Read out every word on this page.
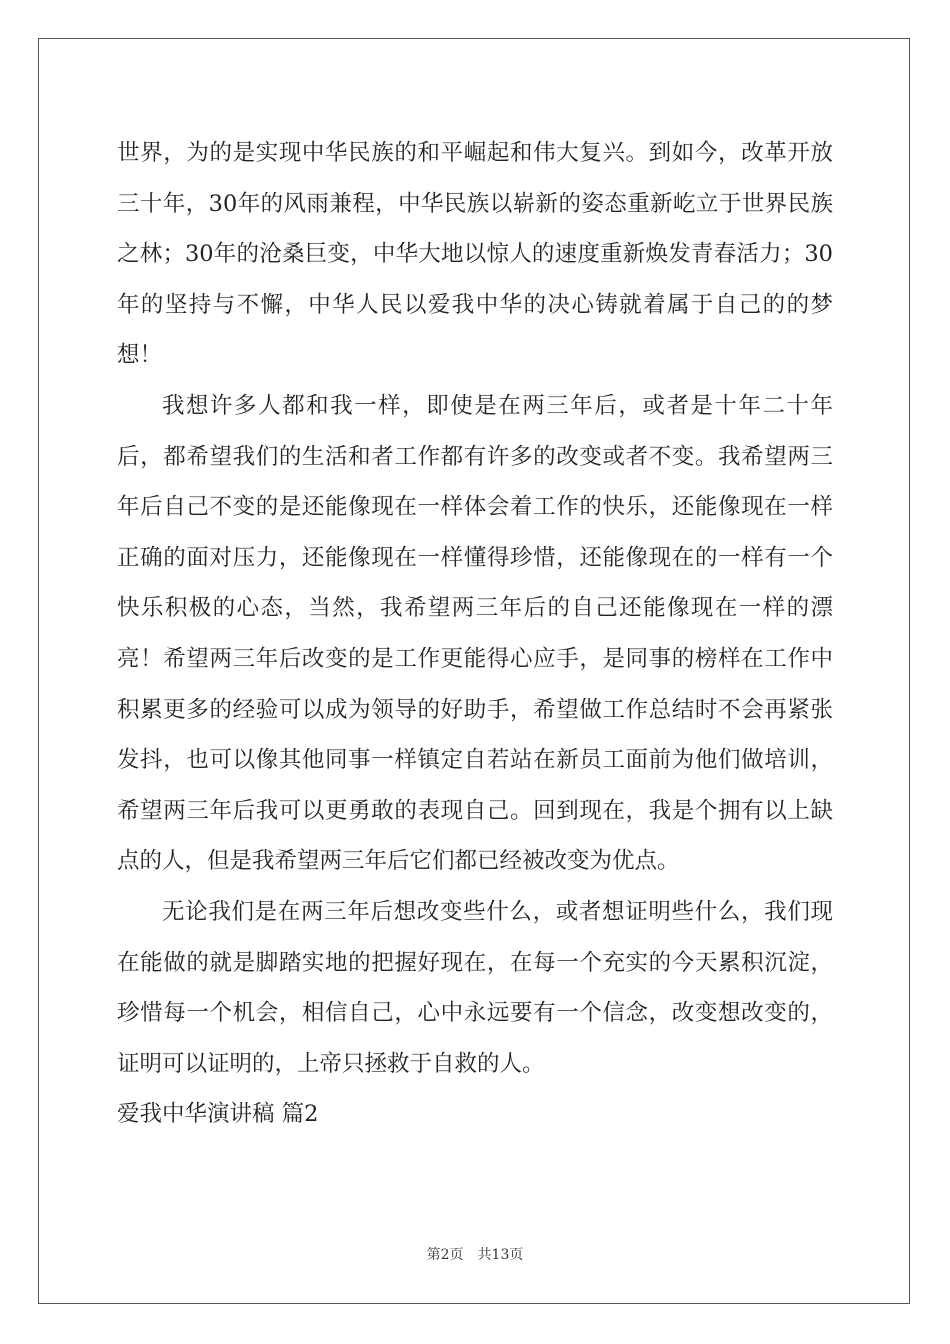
世界，为的是实现中华民族的和平崛起和伟大复兴。到如今，改革开放三十年，30年的风雨兼程，中华民族以崭新的姿态重新屹立于世界民族之林；30年的沧桑巨变，中华大地以惊人的速度重新焕发青春活力；30年的坚持与不懈，中华人民以爱我中华的决心铸就着属于自己的的梦想！

我想许多人都和我一样，即使是在两三年后，或者是十年二十年后，都希望我们的生活和者工作都有许多的改变或者不变。我希望两三年后自己不变的是还能像现在一样体会着工作的快乐，还能像现在一样正确的面对压力，还能像现在一样懂得珍惜，还能像现在的一样有一个快乐积极的心态，当然，我希望两三年后的自己还能像现在一样的漂亮！希望两三年后改变的是工作更能得心应手，是同事的榜样在工作中积累更多的经验可以成为领导的好助手，希望做工作总结时不会再紧张发抖，也可以像其他同事一样镇定自若站在新员工面前为他们做培训，希望两三年后我可以更勇敢的表现自己。回到现在，我是个拥有以上缺点的人，但是我希望两三年后它们都已经被改变为优点。

无论我们是在两三年后想改变些什么，或者想证明些什么，我们现在能做的就是脚踏实地的把握好现在，在每一个充实的今天累积沉淀，珍惜每一个机会，相信自己，心中永远要有一个信念，改变想改变的，证明可以证明的，上帝只拯救于自救的人。

爱我中华演讲稿 篇2

第2页 共13页
